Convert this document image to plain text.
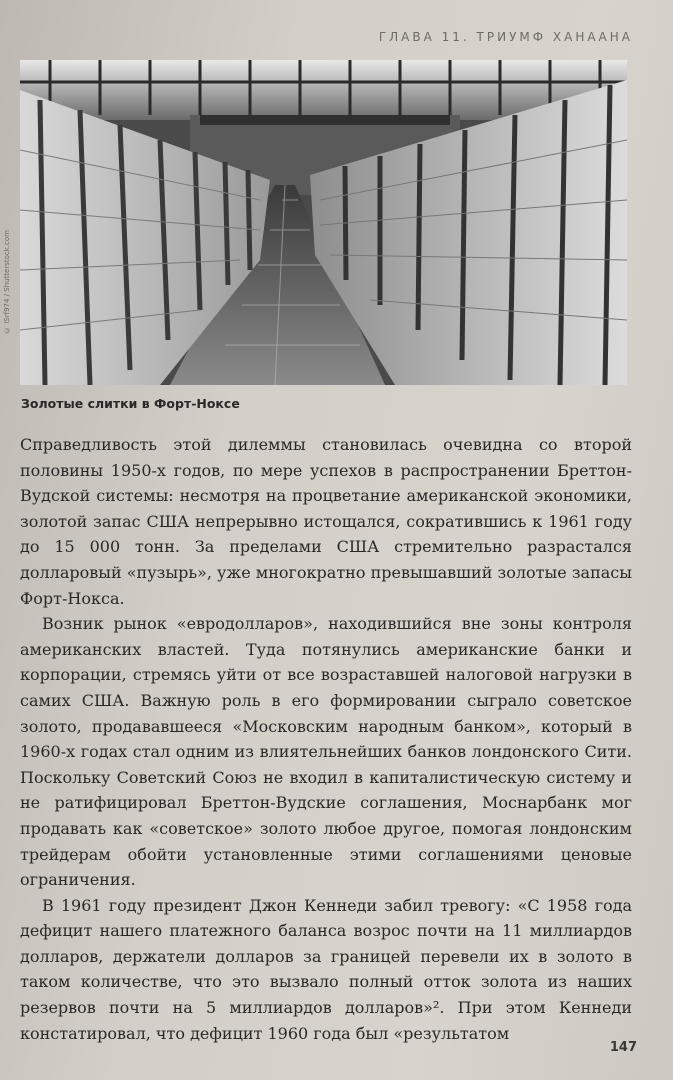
ГЛАВА 11. ТРИУМФ ХАНААНА
© ISrf974 / Shutterstock.com
Золотые слитки в Форт-Ноксе

Справедливость этой дилеммы становилась очевидна со второй половины 1950-х годов, по мере успехов в распространении Бреттон-Вудской системы: несмотря на процветание американской экономики, золотой запас США непрерывно истощался, сократившись к 1961 году до 15 000 тонн. За пределами США стремительно разрастался долларовый «пузырь», уже многократно превышавший золотые запасы Форт-Нокса.

Возник рынок «евродолларов», находившийся вне зоны контроля американских властей. Туда потянулись американские банки и корпорации, стремясь уйти от все возраставшей налоговой нагрузки в самих США. Важную роль в его формировании сыграло советское золото, продававшееся «Московским народным банком», который в 1960-х годах стал одним из влиятельнейших банков лондонского Сити. Поскольку Советский Союз не входил в капиталистическую систему и не ратифицировал Бреттон-Вудские соглашения, Моснарбанк мог продавать как «советское» золото любое другое, помогая лондонским трейдерам обойти установленные этими соглашениями ценовые ограничения.

В 1961 году президент Джон Кеннеди забил тревогу: «С 1958 года дефицит нашего платежного баланса возрос почти на 11 миллиардов долларов, держатели долларов за границей перевели их в золото в таком количестве, что это вызвало полный отток золота из наших резервов почти на 5 миллиардов долларов»². При этом Кеннеди констатировал, что дефицит 1960 года был «результатом

147
